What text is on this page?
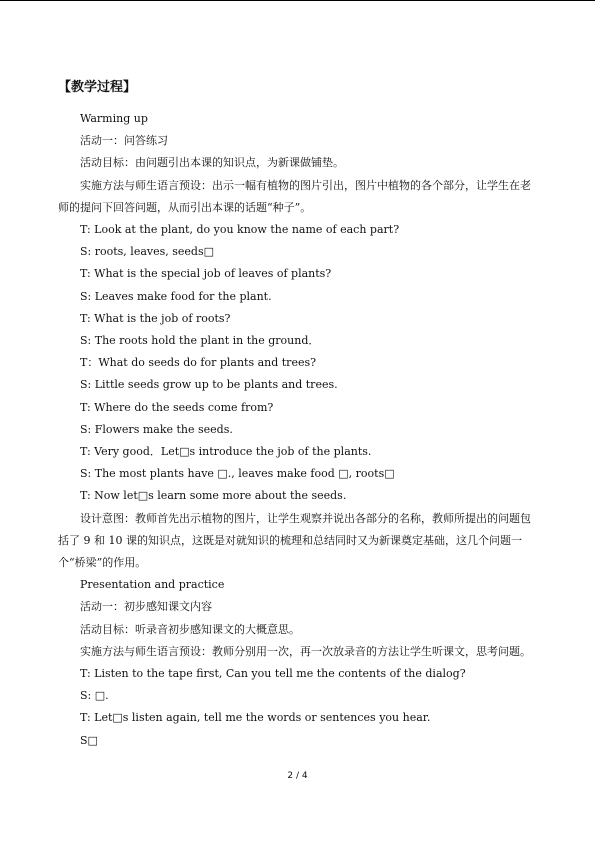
【教学过程】

Warming up

活动一：问答练习

活动目标：由问题引出本课的知识点，为新课做铺垫。

实施方法与师生语言预设：出示一幅有植物的图片引出，图片中植物的各个部分，让学生在老师的提问下回答问题，从而引出本课的话题“种子”。

T: Look at the plant, do you know the name of each part?

S: roots, leaves, seeds□

T: What is the special job of leaves of plants?

S: Leaves make food for the plant.

T: What is the job of roots?

S: The roots hold the plant in the ground．

T：What do seeds do for plants and trees?

S: Little seeds grow up to be plants and trees.

T: Where do the seeds come from?

S: Flowers make the seeds.

T: Very good．Let□s introduce the job of the plants.

S: The most plants have □., leaves make food □, roots□

T: Now let□s learn some more about the seeds.

设计意图：教师首先出示植物的图片，让学生观察并说出各部分的名称，教师所提出的问题包括了 9 和 10 课的知识点，这既是对就知识的梳理和总结同时又为新课奠定基础，这几个问题一个“桥梁”的作用。

Presentation and practice

活动一：初步感知课文内容

活动目标：听录音初步感知课文的大概意思。

实施方法与师生语言预设：教师分别用一次，再一次放录音的方法让学生听课文，思考问题。

T: Listen to the tape first, Can you tell me the contents of the dialog?

S: □.

T: Let□s listen again, tell me the words or sentences you hear.

S□

2 / 4
